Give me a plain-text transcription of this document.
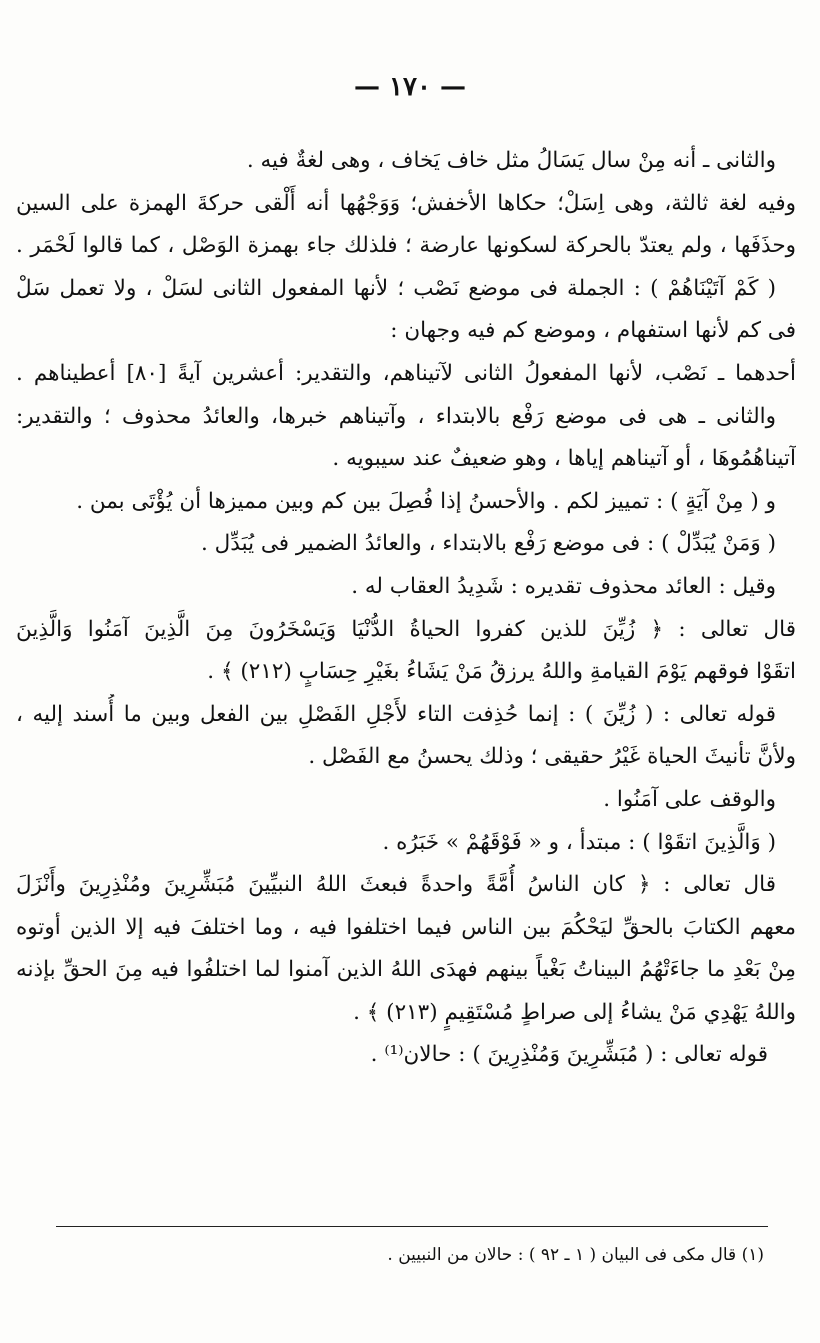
— ١٧٠ —
والثانى ـ أنه مِنْ سال يَسَالُ مثل خاف يَخاف ، وهى لغةٌ فيه .
وفيه لغة ثالثة، وهى اِسَلْ؛ حكاها الأخفش؛ وَوَجْهُها أنه أَلْقى حركةَ الهمزة على السين
وحذَفَها ، ولم يعتدّ بالحركة لسكونها عارضة ؛ فلذلك جاء بهمزة الوَصْل ، كما قالوا لَحْمَر .
( كَمْ آتَيْنَاهُمْ ) : الجملة فى موضع نَصْب ؛ لأنها المفعول الثانى لسَلْ ، ولا تعمل سَلْ
فى كم لأنها استفهام ، وموضع كم فيه وجهان :
أحدهما ـ نَصْب، لأنها المفعولُ الثانى لآتيناهم، والتقدير: أعشرين آيةً [٨٠] أعطيناهم .
والثانى ـ هى فى موضع رَفْع بالابتداء ، وآتيناهم خبرها، والعائدُ محذوف ؛ والتقدير:
آتيناهُمُوهَا ، أو آتيناهم إياها ، وهو ضعيفٌ عند سيبويه .
و ( مِنْ آيَةٍ ) : تمييز لكم . والأحسنُ إذا فُصِلَ بين كم وبين مميزها أن يُؤْتَى بمن .
( وَمَنْ يُبَدِّلْ ) : فى موضع رَفْع بالابتداء ، والعائدُ الضمير فى يُبَدِّل .
وقيل : العائد محذوف تقديره : شَدِيدُ العقاب له .
قال تعالى : ﴿ زُيِّنَ للذين كفروا الحياةُ الدُّنْيَا وَيَسْخَرُونَ مِنَ الَّذِينَ آمَنُوا وَالَّذِينَ
اتقَوْا فوقهم يَوْمَ القيامةِ واللهُ يرزقُ مَنْ يَشَاءُ بغَيْرِ حِسَابٍ (٢١٢) ﴾ .
قوله تعالى : ( زُيِّنَ ) : إنما حُذِفت التاء لأَجْلِ الفَصْلِ بين الفعل وبين ما أُسند إليه ،
ولأنَّ تأنيثَ الحياة غَيْرُ حقيقى ؛ وذلك يحسنُ مع الفَصْل .
والوقف على آمَنُوا .
( وَالَّذِينَ اتقَوْا ) : مبتدأ ، و « فَوْقَهُمْ » خَبَرُه .
قال تعالى : ﴿ كان الناسُ أُمَّةً واحدةً فبعثَ اللهُ النبيِّينَ مُبَشِّرِينَ ومُنْذِرِينَ وأَنْزَلَ
معهم الكتابَ بالحقِّ ليَحْكُمَ بين الناس فيما اختلفوا فيه ، وما اختلفَ فيه إلا الذين أوتوه
مِنْ بَعْدِ ما جاءَتْهُمُ البيناتُ بَغْياً بينهم فهدَى اللهُ الذين آمنوا لما اختلفُوا فيه مِنَ الحقِّ بإذنه
واللهُ يَهْدِي مَنْ يشاءُ إلى صراطٍ مُسْتَقِيمٍ (٢١٣) ﴾ .
قوله تعالى : ( مُبَشِّرِينَ وَمُنْذِرِينَ ) : حالان⁽¹⁾ .
(١) قال مكى فى البيان ( ١ ـ ٩٢ ) : حالان من النبيين .
